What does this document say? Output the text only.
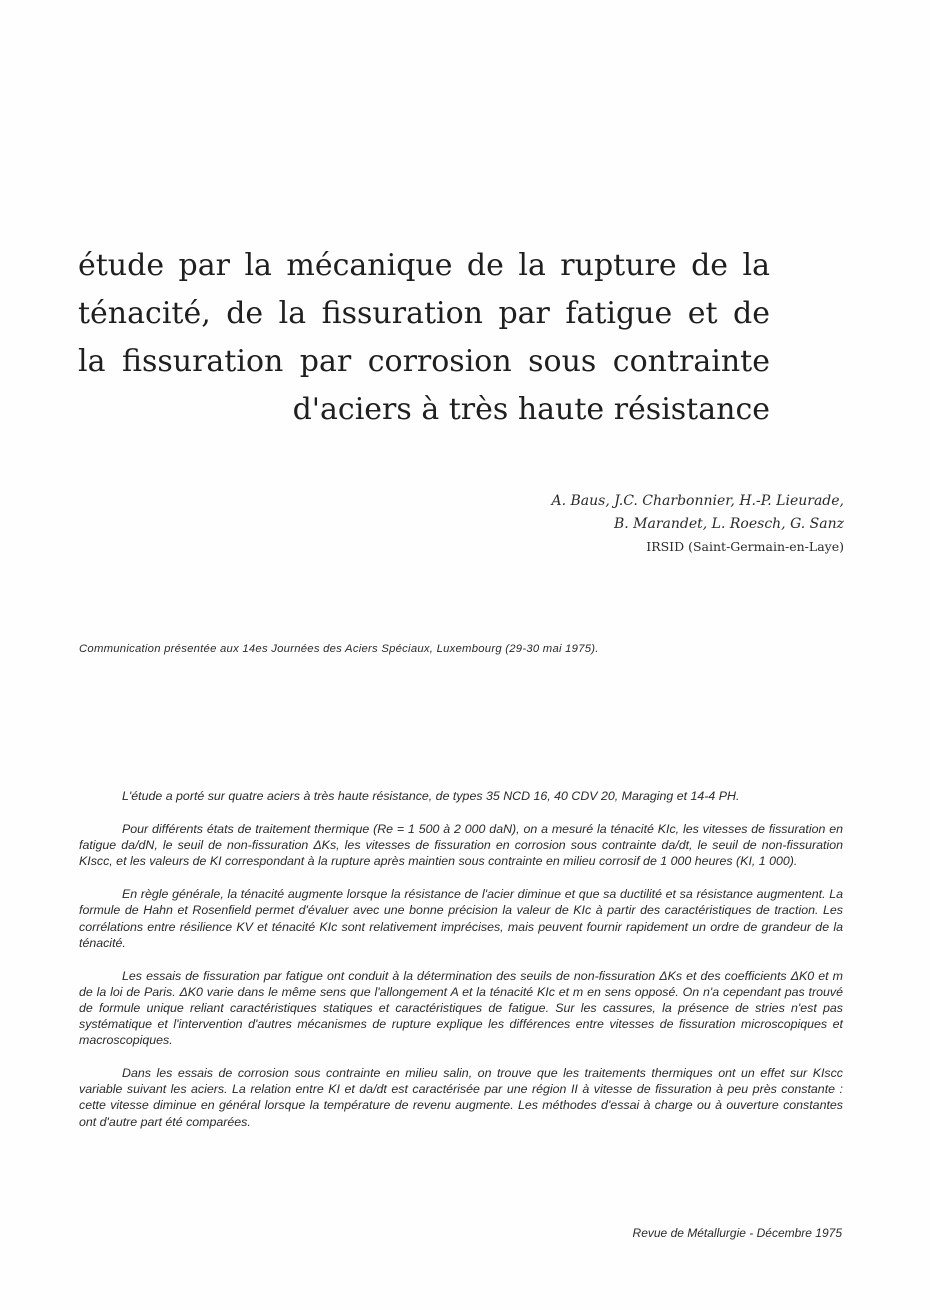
étude par la mécanique de la rupture de la
ténacité, de la fissuration par fatigue et de
la fissuration par corrosion sous contrainte
d'aciers à très haute résistance
A. Baus, J.C. Charbonnier, H.-P. Lieurade,
B. Marandet, L. Roesch, G. Sanz
IRSID (Saint-Germain-en-Laye)
Communication présentée aux 14es Journées des Aciers Spéciaux, Luxembourg (29-30 mai 1975).

L'étude a porté sur quatre aciers à très haute résistance, de types 35 NCD 16, 40 CDV 20, Maraging et 14-4 PH.

Pour différents états de traitement thermique (Re = 1 500 à 2 000 daN), on a mesuré la ténacité KIc, les vitesses de fissuration en fatigue da/dN, le seuil de non-fissuration ΔKs, les vitesses de fissuration en corrosion sous contrainte da/dt, le seuil de non-fissuration KIscc, et les valeurs de KI correspondant à la rupture après maintien sous contrainte en milieu corrosif de 1 000 heures (KI, 1 000).

En règle générale, la ténacité augmente lorsque la résistance de l'acier diminue et que sa ductilité et sa résistance augmentent. La formule de Hahn et Rosenfield permet d'évaluer avec une bonne précision la valeur de KIc à partir des caractéristiques de traction. Les corrélations entre résilience KV et ténacité KIc sont relativement imprécises, mais peuvent fournir rapidement un ordre de grandeur de la ténacité.

Les essais de fissuration par fatigue ont conduit à la détermination des seuils de non-fissuration ΔKs et des coefficients ΔK0 et m de la loi de Paris. ΔK0 varie dans le même sens que l'allongement A et la ténacité KIc et m en sens opposé. On n'a cependant pas trouvé de formule unique reliant caractéristiques statiques et caractéristiques de fatigue. Sur les cassures, la présence de stries n'est pas systématique et l'intervention d'autres mécanismes de rupture explique les différences entre vitesses de fissuration microscopiques et macroscopiques.

Dans les essais de corrosion sous contrainte en milieu salin, on trouve que les traitements thermiques ont un effet sur KIscc variable suivant les aciers. La relation entre KI et da/dt est caractérisée par une région II à vitesse de fissuration à peu près constante : cette vitesse diminue en général lorsque la température de revenu augmente. Les méthodes d'essai à charge ou à ouverture constantes ont d'autre part été comparées.

Revue de Métallurgie - Décembre 1975
